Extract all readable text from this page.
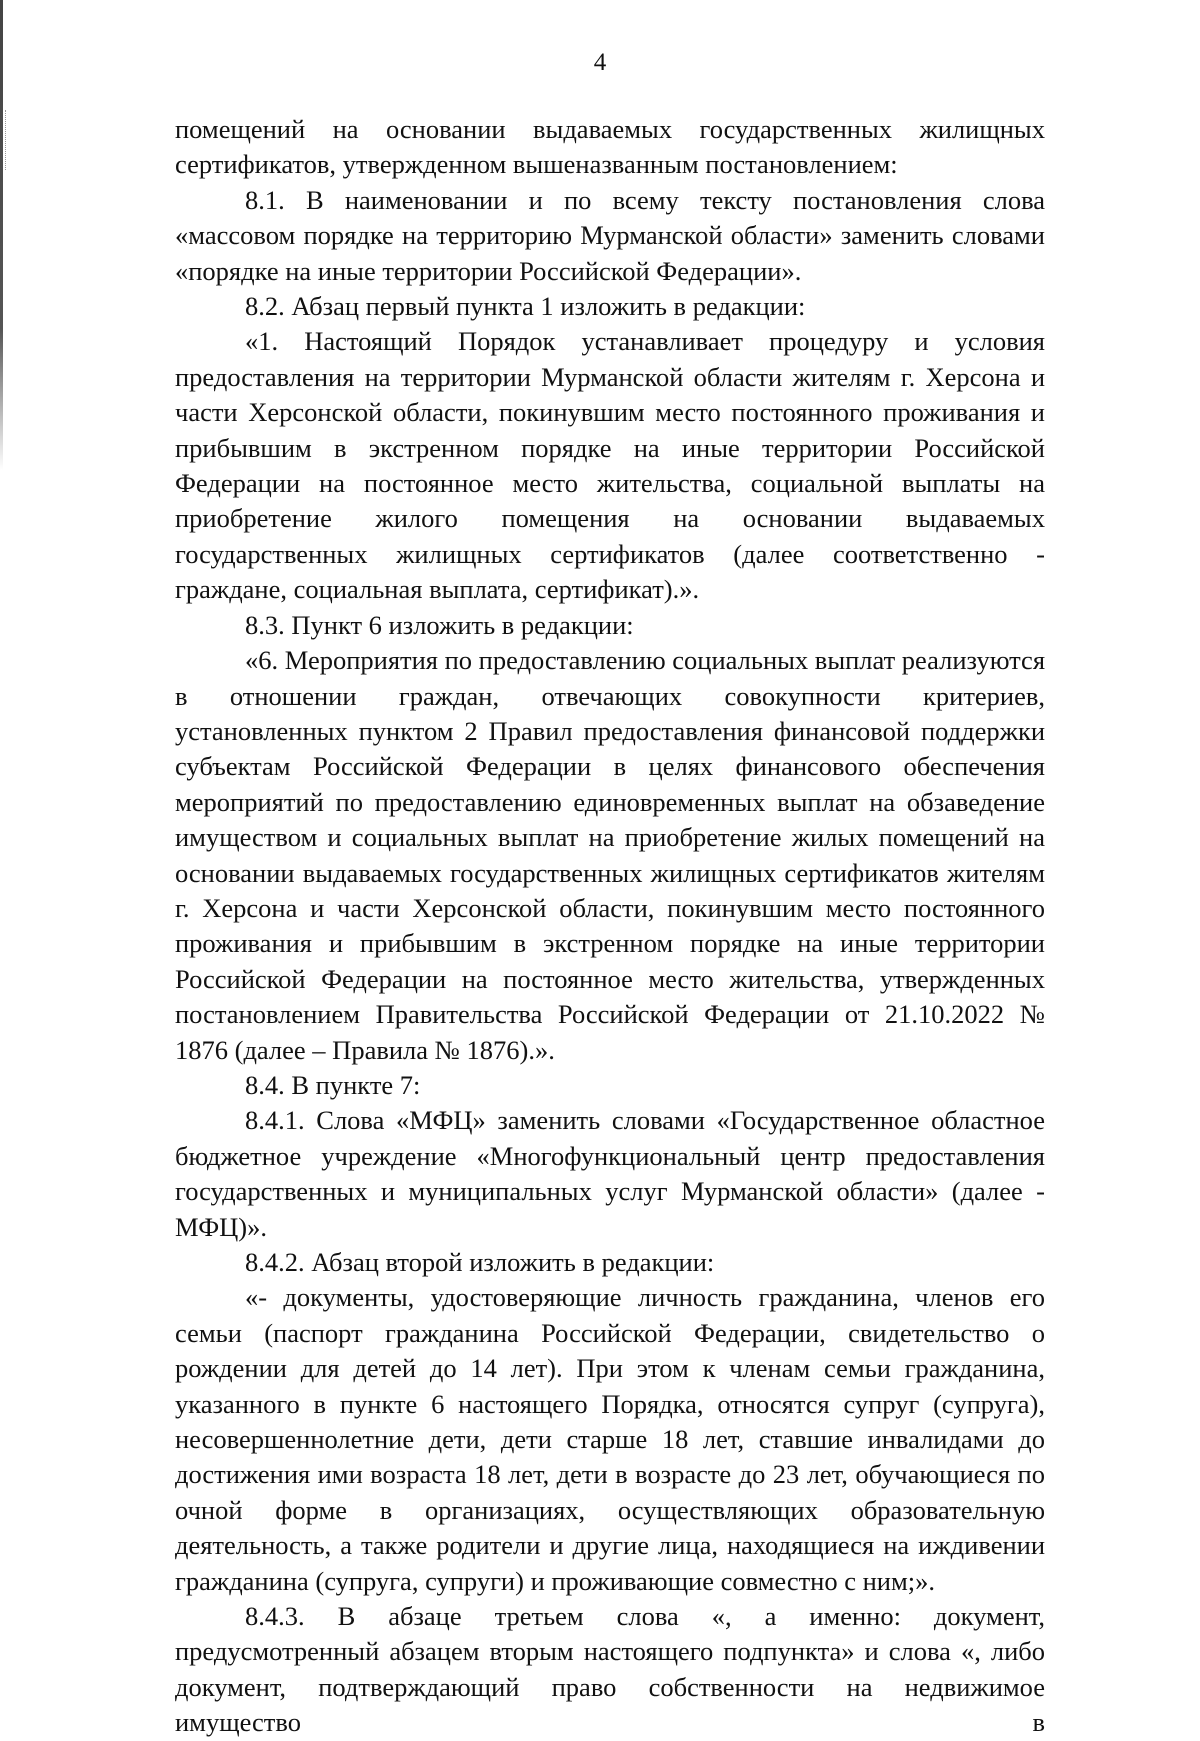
4

помещений на основании выдаваемых государственных жилищных сертификатов, утвержденном вышеназванным постановлением:

8.1. В наименовании и по всему тексту постановления слова «массовом порядке на территорию Мурманской области» заменить словами «порядке на иные территории Российской Федерации».

8.2. Абзац первый пункта 1 изложить в редакции:

«1. Настоящий Порядок устанавливает процедуру и условия предоставления на территории Мурманской области жителям г. Херсона и части Херсонской области, покинувшим место постоянного проживания и прибывшим в экстренном порядке на иные территории Российской Федерации на постоянное место жительства, социальной выплаты на приобретение жилого помещения на основании выдаваемых государственных жилищных сертификатов (далее соответственно - граждане, социальная выплата, сертификат).».

8.3. Пункт 6 изложить в редакции:

«6. Мероприятия по предоставлению социальных выплат реализуются в отношении граждан, отвечающих совокупности критериев, установленных пунктом 2 Правил предоставления финансовой поддержки субъектам Российской Федерации в целях финансового обеспечения мероприятий по предоставлению единовременных выплат на обзаведение имуществом и социальных выплат на приобретение жилых помещений на основании выдаваемых государственных жилищных сертификатов жителям г. Херсона и части Херсонской области, покинувшим место постоянного проживания и прибывшим в экстренном порядке на иные территории Российской Федерации на постоянное место жительства, утвержденных постановлением Правительства Российской Федерации от 21.10.2022 № 1876 (далее – Правила № 1876).».

8.4. В пункте 7:

8.4.1. Слова «МФЦ» заменить словами «Государственное областное бюджетное учреждение «Многофункциональный центр предоставления государственных и муниципальных услуг Мурманской области» (далее - МФЦ)».

8.4.2. Абзац второй изложить в редакции:

«- документы, удостоверяющие личность гражданина, членов его семьи (паспорт гражданина Российской Федерации, свидетельство о рождении для детей до 14 лет). При этом к членам семьи гражданина, указанного в пункте 6 настоящего Порядка, относятся супруг (супруга), несовершеннолетние дети, дети старше 18 лет, ставшие инвалидами до достижения ими возраста 18 лет, дети в возрасте до 23 лет, обучающиеся по очной форме в организациях, осуществляющих образовательную деятельность, а также родители и другие лица, находящиеся на иждивении гражданина (супруга, супруги) и проживающие совместно с ним;».

8.4.3. В абзаце третьем слова «, а именно: документ, предусмотренный абзацем вторым настоящего подпункта» и слова «, либо документ, подтверждающий право собственности на недвижимое имущество в
